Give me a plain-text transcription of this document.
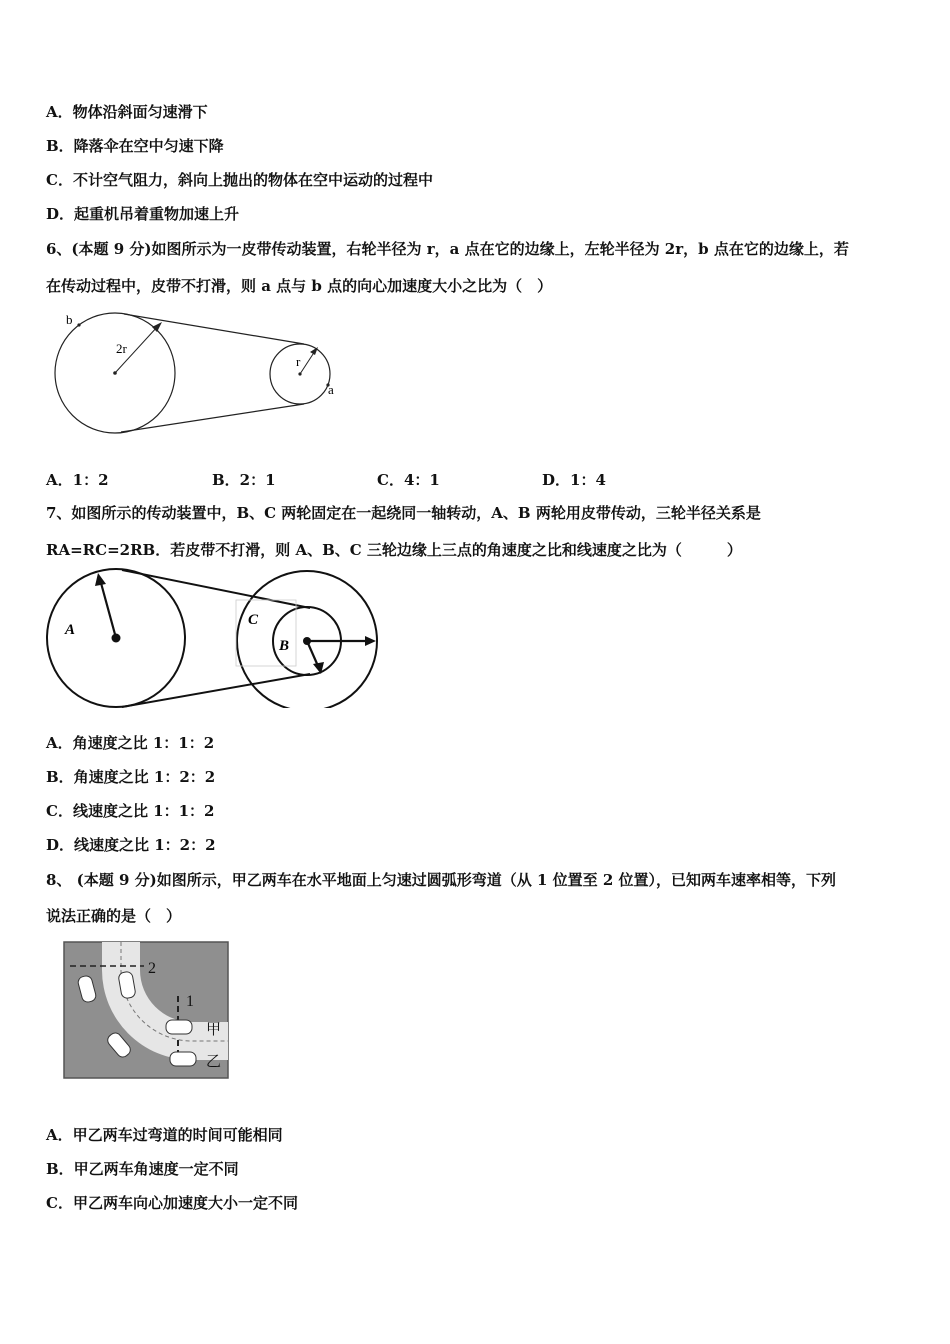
A．物体沿斜面匀速滑下
B．降落伞在空中匀速下降
C．不计空气阻力，斜向上抛出的物体在空中运动的过程中
D．起重机吊着重物加速上升
6、(本题 9 分)如图所示为一皮带传动装置，右轮半径为 r，a 点在它的边缘上，左轮半径为 2r，b 点在它的边缘上，若
在传动过程中，皮带不打滑，则 a 点与 b 点的向心加速度大小之比为（　）
b
2r
r
a
A．1：2	B．2：1	C．4：1	D．1：4
7、如图所示的传动装置中，B、C 两轮固定在一起绕同一轴转动，A、B 两轮用皮带传动，三轮半径关系是
RA=RC=2RB．若皮带不打滑，则 A、B、C 三轮边缘上三点的角速度之比和线速度之比为（　　　）
A
C
B
A．角速度之比 1：1：2
B．角速度之比 1：2：2
C．线速度之比 1：1：2
D．线速度之比 1：2：2
8、 (本题 9 分)如图所示，甲乙两车在水平地面上匀速过圆弧形弯道（从 1 位置至 2 位置），已知两车速率相等，下列
说法正确的是（　）
2
1
甲
乙
A．甲乙两车过弯道的时间可能相同
B．甲乙两车角速度一定不同
C．甲乙两车向心加速度大小一定不同
